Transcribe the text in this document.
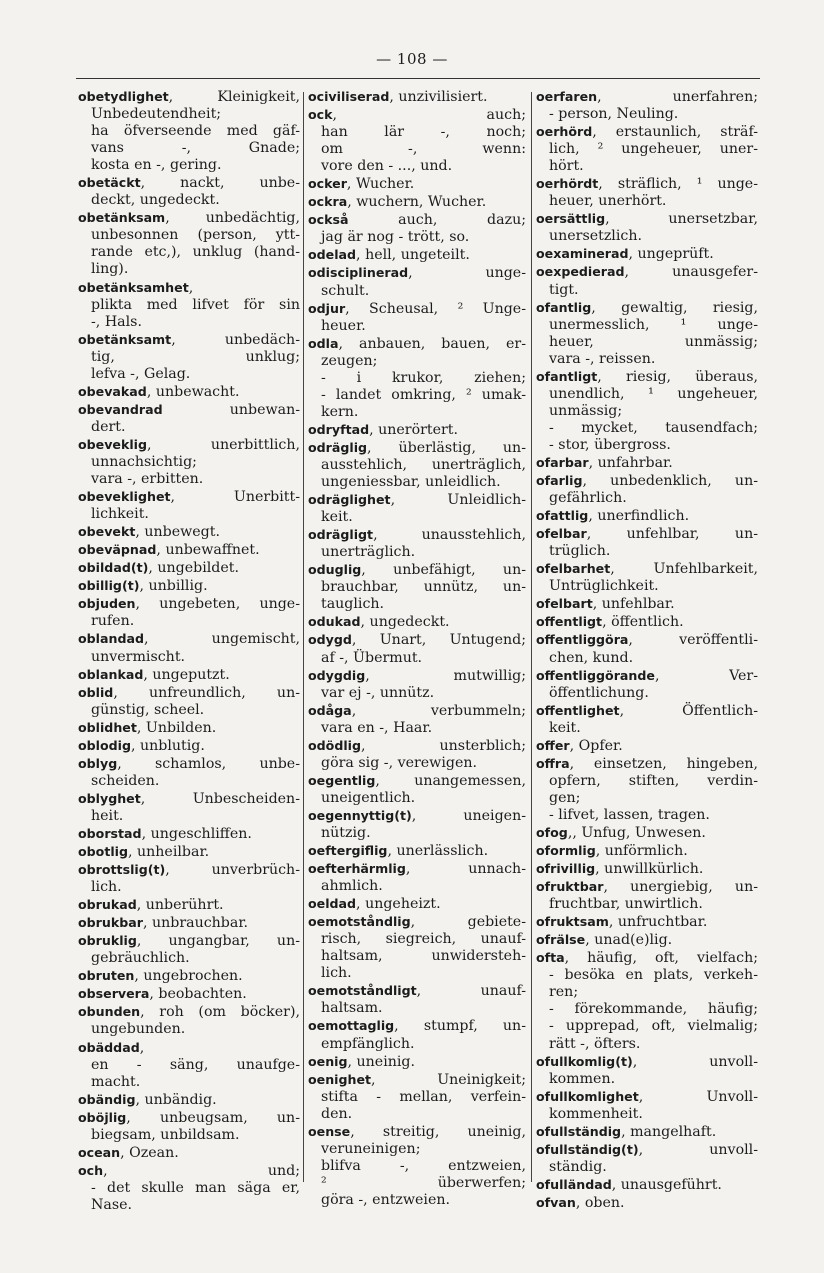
— 108 —
obetydlighet, Kleinigkeit,
Unbedeutendheit;
ha öfverseende med gäf-
vans -, Gnade;
kosta en -, gering.
obetäckt, nackt, unbe-
deckt, ungedeckt.
obetänksam, unbedächtig,
unbesonnen (person, ytt-
rande etc,), unklug (hand-
ling).
obetänksamhet,
plikta med lifvet för sin
-, Hals.
obetänksamt, unbedäch-
tig, unklug;
lefva -, Gelag.
obevakad, unbewacht.
obevandrad unbewan-
dert.
obeveklig, unerbittlich,
unnachsichtig;
vara -, erbitten.
obeveklighet, Unerbitt-
lichkeit.
obevekt, unbewegt.
obeväpnad, unbewaffnet.
obildad(t), ungebildet.
obillig(t), unbillig.
objuden, ungebeten, unge-
rufen.
oblandad, ungemischt,
unvermischt.
oblankad, ungeputzt.
oblid, unfreundlich, un-
günstig, scheel.
oblidhet, Unbilden.
oblodig, unblutig.
oblyg, schamlos, unbe-
scheiden.
oblyghet, Unbescheiden-
heit.
oborstad, ungeschliffen.
obotlig, unheilbar.
obrottslig(t), unverbrüch-
lich.
obrukad, unberührt.
obrukbar, unbrauchbar.
obruklig, ungangbar, un-
gebräuchlich.
obruten, ungebrochen.
observera, beobachten.
obunden, roh (om böcker),
ungebunden.
obäddad,
en - säng, unaufge-
macht.
obändig, unbändig.
oböjlig, unbeugsam, un-
biegsam, unbildsam.
ocean, Ozean.
och, und;
- det skulle man säga er,
Nase.
ociviliserad, unzivilisiert.
ock, auch;
han lär -, noch;
om -, wenn:
vore den - ..., und.
ocker, Wucher.
ockra, wuchern, Wucher.
också auch, dazu;
jag är nog - trött, so.
odelad, hell, ungeteilt.
odisciplinerad, unge-
schult.
odjur, Scheusal, ² Unge-
heuer.
odla, anbauen, bauen, er-
zeugen;
- i krukor, ziehen;
- landet omkring, ² umak-
kern.
odryftad, unerörtert.
odräglig, überlästig, un-
ausstehlich, unerträglich,
ungeniessbar, unleidlich.
odräglighet, Unleidlich-
keit.
odrägligt, unausstehlich,
unerträglich.
oduglig, unbefähigt, un-
brauchbar, unnütz, un-
tauglich.
odukad, ungedeckt.
odygd, Unart, Untugend;
af -, Übermut.
odygdig, mutwillig;
var ej -, unnütz.
odåga, verbummeln;
vara en -, Haar.
odödlig, unsterblich;
göra sig -, verewigen.
oegentlig, unangemessen,
uneigentlich.
oegennyttig(t), uneigen-
nützig.
oeftergiflig, unerlässlich.
oefterhärmlig, unnach-
ahmlich.
oeldad, ungeheizt.
oemotståndlig, gebiete-
risch, siegreich, unauf-
haltsam, unwidersteh-
lich.
oemotståndligt, unauf-
haltsam.
oemottaglig, stumpf, un-
empfänglich.
oenig, uneinig.
oenighet, Uneinigkeit;
stifta - mellan, verfein-
den.
oense, streitig, uneinig,
veruneinigen;
blifva -, entzweien,
² überwerfen;
göra -, entzweien.
oerfaren, unerfahren;
- person, Neuling.
oerhörd, erstaunlich, sträf-
lich, ² ungeheuer, uner-
hört.
oerhördt, sträflich, ¹ unge-
heuer, unerhört.
oersättlig, unersetzbar,
unersetzlich.
oexaminerad, ungeprüft.
oexpedierad, unausgefer-
tigt.
ofantlig, gewaltig, riesig,
unermesslich, ¹ unge-
heuer, unmässig;
vara -, reissen.
ofantligt, riesig, überaus,
unendlich, ¹ ungeheuer,
unmässig;
- mycket, tausendfach;
- stor, übergross.
ofarbar, unfahrbar.
ofarlig, unbedenklich, un-
gefährlich.
ofattlig, unerfindlich.
ofelbar, unfehlbar, un-
trüglich.
ofelbarhet, Unfehlbarkeit,
Untrüglichkeit.
ofelbart, unfehlbar.
offentligt, öffentlich.
offentliggöra, veröffentli-
chen, kund.
offentliggörande, Ver-
öffentlichung.
offentlighet, Öffentlich-
keit.
offer, Opfer.
offra, einsetzen, hingeben,
opfern, stiften, verdin-
gen;
- lifvet, lassen, tragen.
ofog,, Unfug, Unwesen.
oformlig, unförmlich.
ofrivillig, unwillkürlich.
ofruktbar, unergiebig, un-
fruchtbar, unwirtlich.
ofruktsam, unfruchtbar.
ofrälse, unad(e)lig.
ofta, häufig, oft, vielfach;
- besöka en plats, verkeh-
ren;
- förekommande, häufig;
- upprepad, oft, vielmalig;
rätt -, öfters.
ofullkomlig(t), unvoll-
kommen.
ofullkomlighet, Unvoll-
kommenheit.
ofullständig, mangelhaft.
ofullständig(t), unvoll-
ständig.
ofulländad, unausgeführt.
ofvan, oben.
